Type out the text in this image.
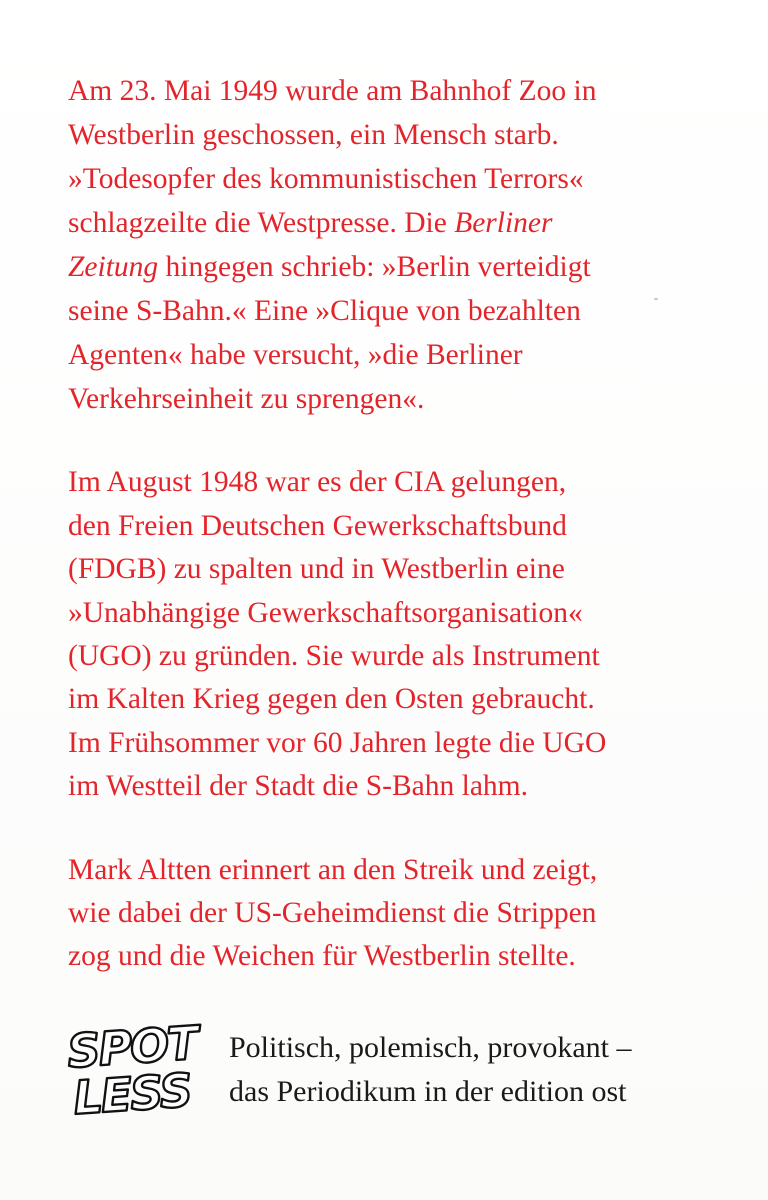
Am 23. Mai 1949 wurde am Bahnhof Zoo in

Westberlin geschossen, ein Mensch starb.

»Todesopfer des kommunistischen Terrors«

schlagzeilte die Westpresse. Die Berliner

Zeitung hingegen schrieb: »Berlin verteidigt

seine S-Bahn.« Eine »Clique von bezahlten

Agenten« habe versucht, »die Berliner

Verkehrseinheit zu sprengen«.

Im August 1948 war es der CIA gelungen,

den Freien Deutschen Gewerkschaftsbund

(FDGB) zu spalten und in Westberlin eine

»Unabhängige Gewerkschaftsorganisation«

(UGO) zu gründen. Sie wurde als Instrument

im Kalten Krieg gegen den Osten gebraucht.

Im Frühsommer vor 60 Jahren legte die UGO

im Westteil der Stadt die S-Bahn lahm.

Mark Altten erinnert an den Streik und zeigt,

wie dabei der US-Geheimdienst die Strippen

zog und die Weichen für Westberlin stellte.

SPOT
LESS

Politisch, polemisch, provokant –

das Periodikum in der edition ost
